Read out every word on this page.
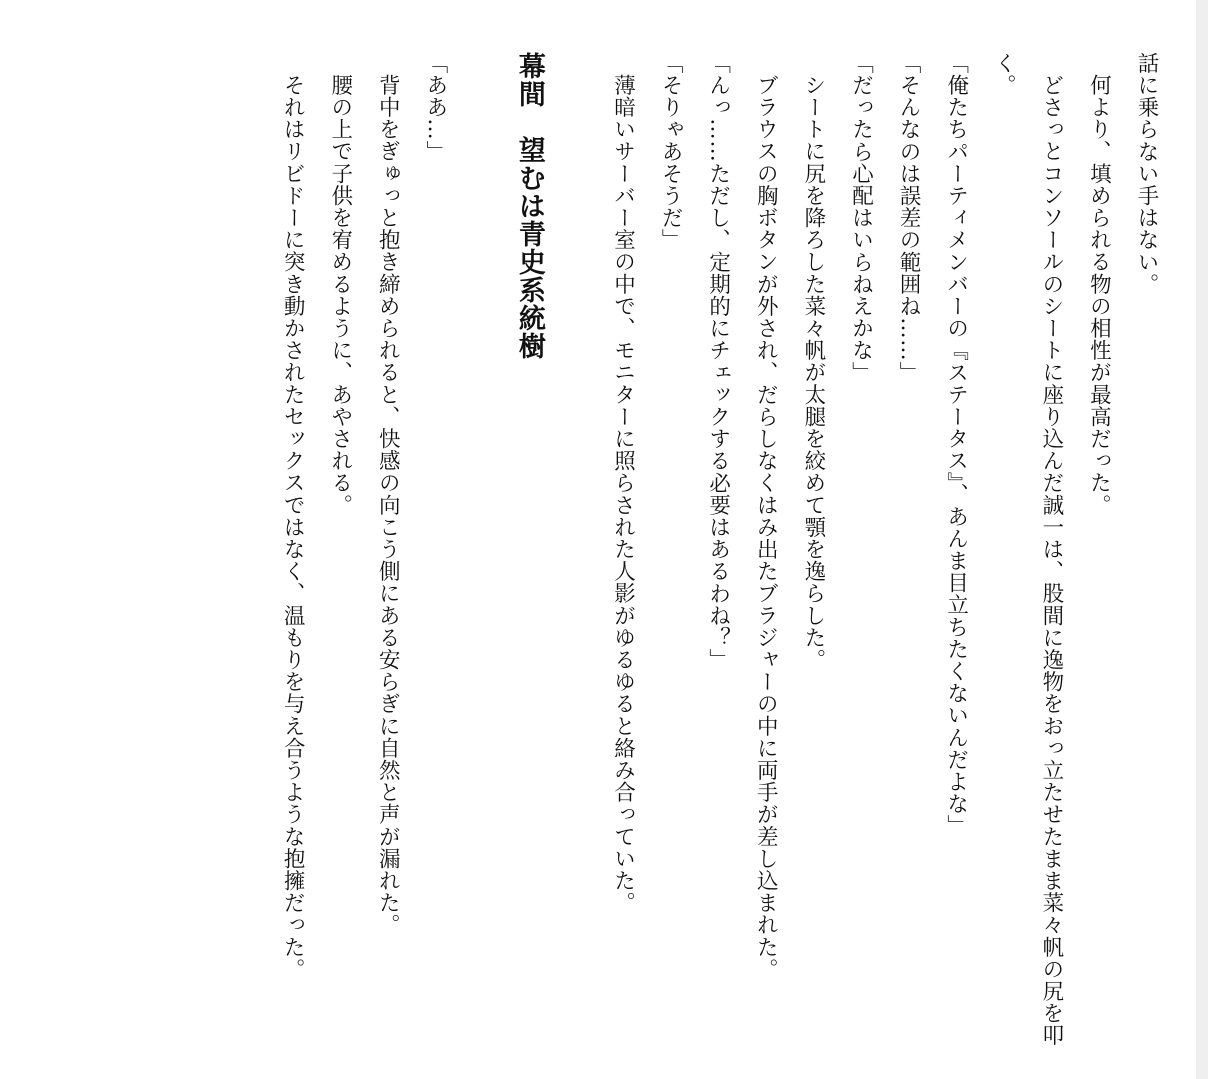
話に乗らない手はない。

何より、填められる物の相性が最高だった。

どさっとコンソールのシートに座り込んだ誠一は、股間に逸物をおっ立たせたまま菜々帆の尻を叩く。

「俺たちパーティメンバーの『ステータス』、あんま目立ちたくないんだよな」

「そんなのは誤差の範囲ね……」

「だったら心配はいらねえかな」

シートに尻を降ろした菜々帆が太腿を絞めて顎を逸らした。

ブラウスの胸ボタンが外され、だらしなくはみ出たブラジャーの中に両手が差し込まれた。

「んっ……ただし、定期的にチェックする必要はあるわね？」

「そりゃあそうだ」

薄暗いサーバー室の中で、モニターに照らされた人影がゆるゆると絡み合っていた。

幕間　望むは青史系統樹

「ああ…」

背中をぎゅっと抱き締められると、快感の向こう側にある安らぎに自然と声が漏れた。

腰の上で子供を宥めるように、あやされる。

それはリビドーに突き動かされたセックスではなく、温もりを与え合うような抱擁だった。
